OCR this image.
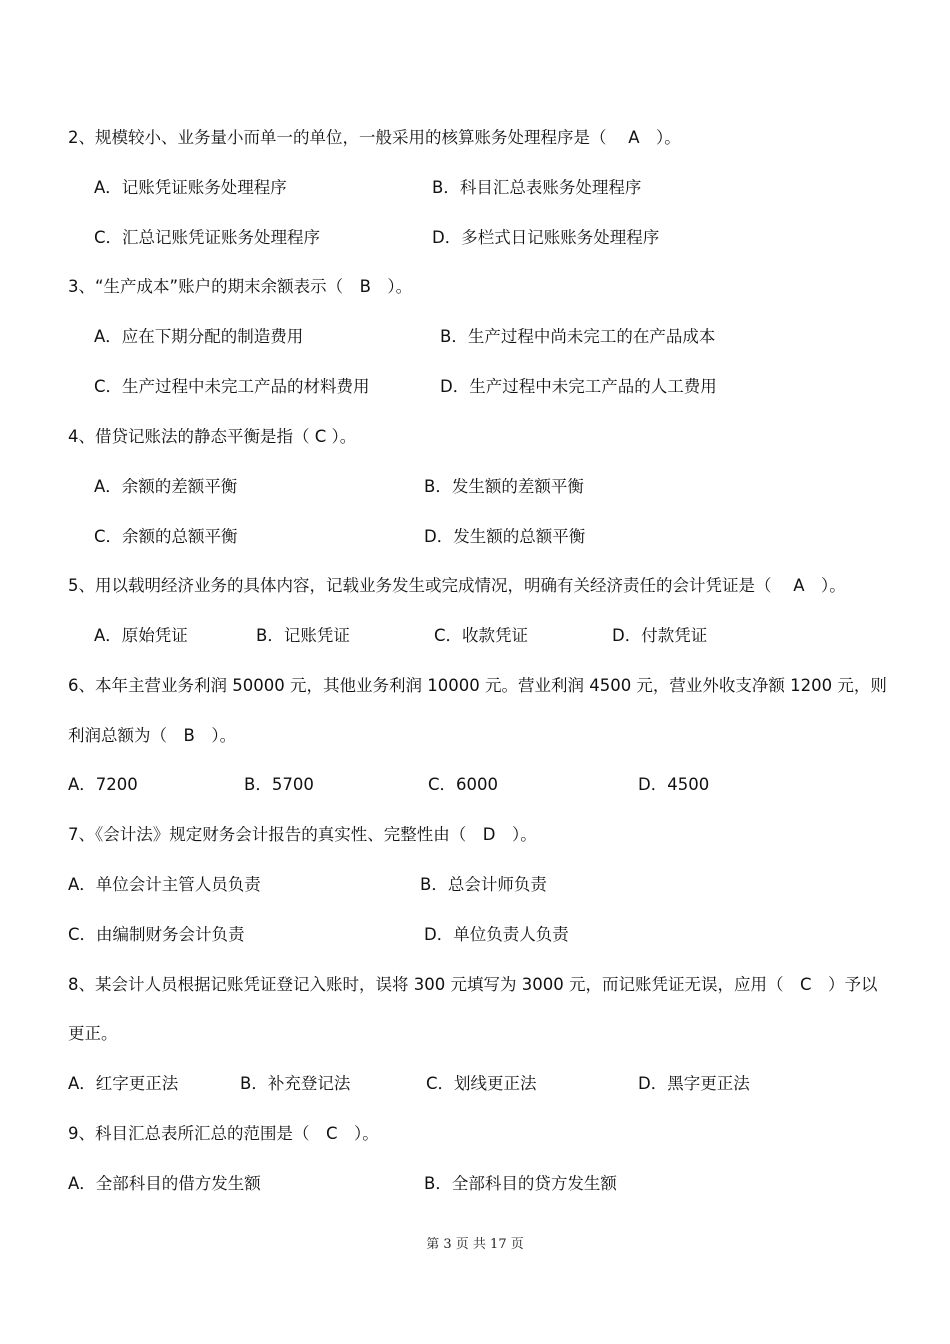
2、规模较小、业务量小而单一的单位，一般采用的核算账务处理程序是（　 A　）。
A．记账凭证账务处理程序	B．科目汇总表账务处理程序
C．汇总记账凭证账务处理程序	D．多栏式日记账账务处理程序
3、“生产成本”账户的期末余额表示（　B　）。
A．应在下期分配的制造费用	B．生产过程中尚未完工的在产品成本
C．生产过程中未完工产品的材料费用	D．生产过程中未完工产品的人工费用
4、借贷记账法的静态平衡是指（ C ）。
A．余额的差额平衡	B．发生额的差额平衡
C．余额的总额平衡	D．发生额的总额平衡
5、用以载明经济业务的具体内容，记载业务发生或完成情况，明确有关经济责任的会计凭证是（　 A　）。
A．原始凭证	B．记账凭证	C．收款凭证	D．付款凭证
6、本年主营业务利润 50000 元，其他业务利润 10000 元。营业利润 4500 元，营业外收支净额 1200 元，则
利润总额为（　B　）。
A．7200	B．5700	C．6000	D．4500
7、《会计法》规定财务会计报告的真实性、完整性由（　D　）。
A．单位会计主管人员负责	B．总会计师负责
C．由编制财务会计负责	D．单位负责人负责
8、某会计人员根据记账凭证登记入账时，误将 300 元填写为 3000 元，而记账凭证无误，应用（　C　）予以
更正。
A．红字更正法	B．补充登记法	C．划线更正法	D．黑字更正法
9、科目汇总表所汇总的范围是（　C　）。
A．全部科目的借方发生额	B．全部科目的贷方发生额
第 3 页 共 17 页
